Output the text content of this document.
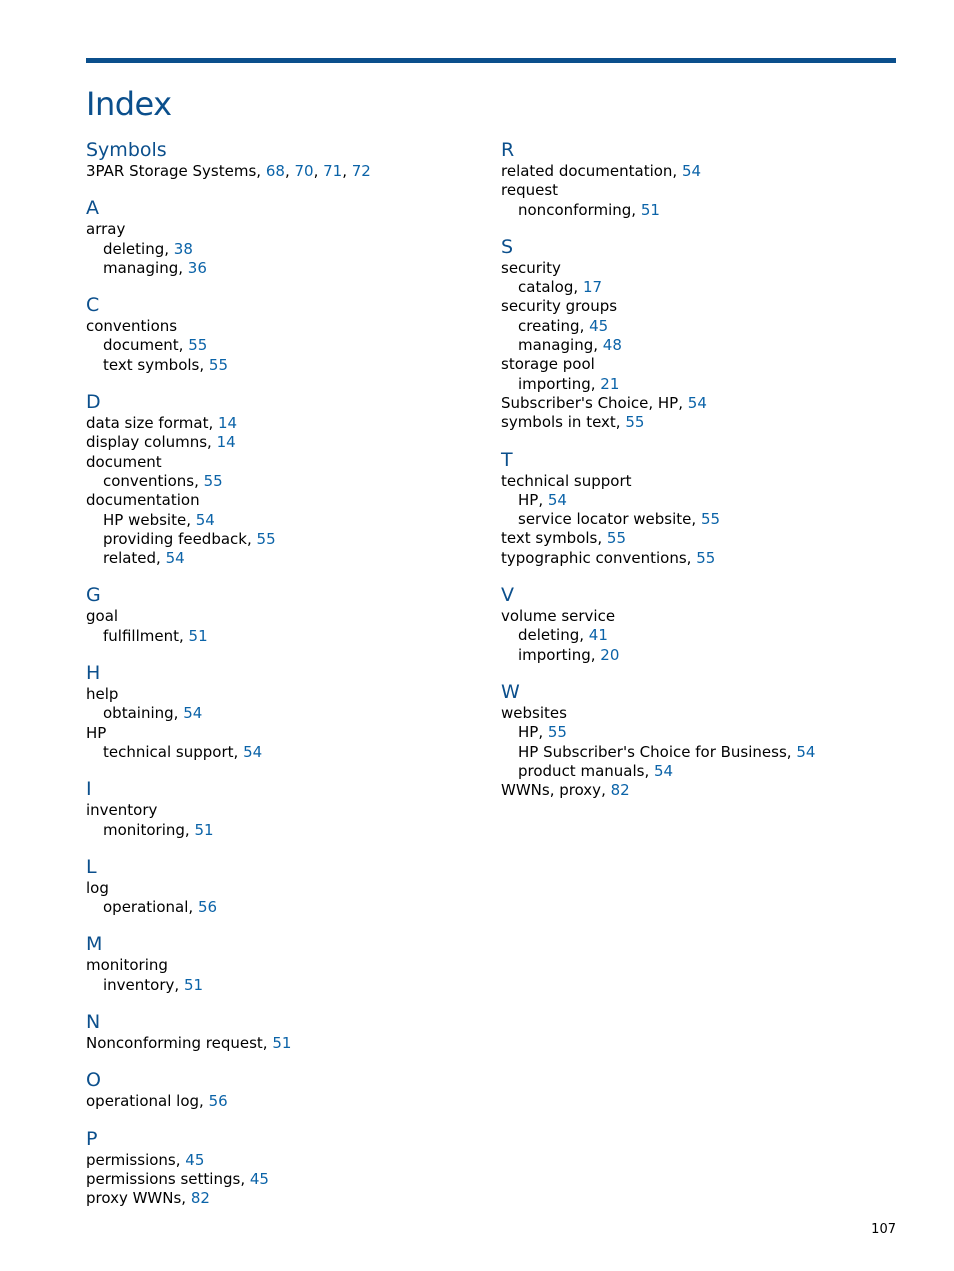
Index
Symbols
3PAR Storage Systems, 68, 70, 71, 72
A
array
deleting, 38
managing, 36
C
conventions
document, 55
text symbols, 55
D
data size format, 14
display columns, 14
document
conventions, 55
documentation
HP website, 54
providing feedback, 55
related, 54
G
goal
fulfillment, 51
H
help
obtaining, 54
HP
technical support, 54
I
inventory
monitoring, 51
L
log
operational, 56
M
monitoring
inventory, 51
N
Nonconforming request, 51
O
operational log, 56
P
permissions, 45
permissions settings, 45
proxy WWNs, 82
R
related documentation, 54
request
nonconforming, 51
S
security
catalog, 17
security groups
creating, 45
managing, 48
storage pool
importing, 21
Subscriber's Choice, HP, 54
symbols in text, 55
T
technical support
HP, 54
service locator website, 55
text symbols, 55
typographic conventions, 55
V
volume service
deleting, 41
importing, 20
W
websites
HP, 55
HP Subscriber's Choice for Business, 54
product manuals, 54
WWNs, proxy, 82
107
